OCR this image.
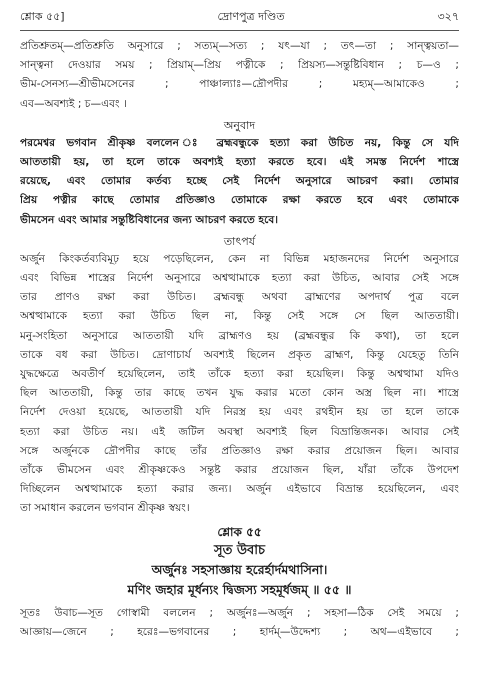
শ্লোক ৫৫]	দ্রোণপুত্র দণ্ডিত	৩২৭
প্রতিশ্রুতম্—প্রতিশ্রুতি অনুসারে ; সত্যম্—সত্য ; যৎ—যা ; তৎ—তা ; সান্ত্বয়তা—
সান্ত্বনা দেওয়ার সময় ; প্রিয়াম্—প্রিয় পত্নীকে ; প্রিয়স্য—সন্তুষ্টিবিধান ; চ—ও ;
ভীম-সেনস্য—শ্রীভীমসেনের ; পাঞ্চাল্যাঃ—দ্রৌপদীর ; মহ্যম্—আমাকেও ;
এব—অবশ্যই ; চ—এবং ।
অনুবাদ
পরমেশ্বর ভগবান শ্রীকৃষ্ণ বললেন ঃ ব্রহ্মবন্ধুকে হত্যা করা উচিত নয়, কিন্তু সে যদি
আততায়ী হয়, তা হলে তাকে অবশ্যই হত্যা করতে হবে। এই সমস্ত নির্দেশ শাস্ত্রে
রয়েছে, এবং তোমার কর্তব্য হচ্ছে সেই নির্দেশ অনুসারে আচরণ করা। তোমার
প্রিয় পত্নীর কাছে তোমার প্রতিজ্ঞাও তোমাকে রক্ষা করতে হবে এবং তোমাকে
ভীমসেন এবং আমার সন্তুষ্টিবিধানের জন্য আচরণ করতে হবে।
তাৎপর্য
অর্জুন কিংকর্তব্যবিমূঢ় হয়ে পড়েছিলেন, কেন না বিভিন্ন মহাজনদের নির্দেশ অনুসারে
এবং বিভিন্ন শাস্ত্রের নির্দেশ অনুসারে অশ্বত্থামাকে হত্যা করা উচিত, আবার সেই সঙ্গে
তার প্রাণও রক্ষা করা উচিত। ব্রহ্মবন্ধু অথবা ব্রাহ্মণের অপদার্থ পুত্র বলে
অশ্বত্থামাকে হত্যা করা উচিত ছিল না, কিন্তু সেই সঙ্গে সে ছিল আততায়ী।
মনু-সংহিতা অনুসারে আততায়ী যদি ব্রাহ্মণও হয় (ব্রহ্মবন্ধুর কি কথা), তা হলে
তাকে বধ করা উচিত। দ্রোণাচার্য অবশ্যই ছিলেন প্রকৃত ব্রাহ্মণ, কিন্তু যেহেতু তিনি
যুদ্ধক্ষেত্রে অবতীর্ণ হয়েছিলেন, তাই তাঁকে হত্যা করা হয়েছিল। কিন্তু অশ্বত্থামা যদিও
ছিল আততায়ী, কিন্তু তার কাছে তখন যুদ্ধ করার মতো কোন অস্ত্র ছিল না। শাস্ত্রে
নির্দেশ দেওয়া হয়েছে, আততায়ী যদি নিরস্ত্র হয় এবং রথহীন হয় তা হলে তাকে
হত্যা করা উচিত নয়। এই জটিল অবস্থা অবশ্যই ছিল বিভ্রান্তিজনক। আবার সেই
সঙ্গে অর্জুনকে দ্রৌপদীর কাছে তাঁর প্রতিজ্ঞাও রক্ষা করার প্রয়োজন ছিল। আবার
তাঁকে ভীমসেন এবং শ্রীকৃষ্ণকেও সন্তুষ্ট করার প্রয়োজন ছিল, যাঁরা তাঁকে উপদেশ
দিচ্ছিলেন অশ্বত্থামাকে হত্যা করার জন্য। অর্জুন এইভাবে বিভ্রান্ত হয়েছিলেন, এবং
তা সমাধান করলেন ভগবান শ্রীকৃষ্ণ স্বয়ং।
শ্লোক ৫৫
সূত উবাচ
অর্জুনঃ সহসাজ্ঞায় হরের্হার্দমথাসিনা।
মণিং জহার মূর্ধন্যং দ্বিজস্য সহমূর্ধজম্ ॥ ৫৫ ॥
সূতঃ উবাচ—সূত গোস্বামী বললেন ; অর্জুনঃ—অর্জুন ; সহসা—ঠিক সেই সময়ে ;
আজ্ঞায়—জেনে ; হরেঃ—ভগবানের ; হার্দম্—উদ্দেশ্য ; অথ—এইভাবে ;
